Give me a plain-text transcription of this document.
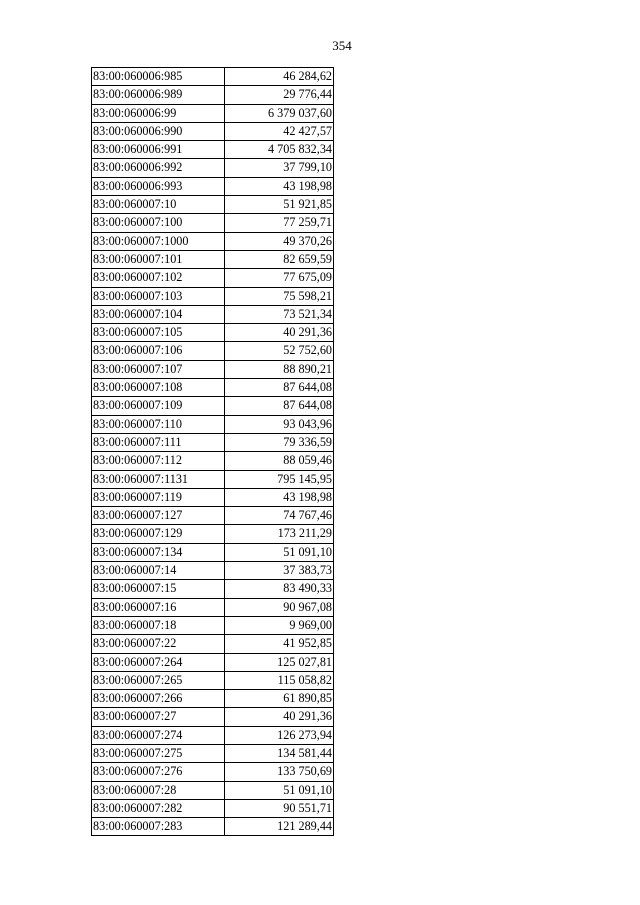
354
83:00:060006:985	46 284,62
83:00:060006:989	29 776,44
83:00:060006:99	6 379 037,60
83:00:060006:990	42 427,57
83:00:060006:991	4 705 832,34
83:00:060006:992	37 799,10
83:00:060006:993	43 198,98
83:00:060007:10	51 921,85
83:00:060007:100	77 259,71
83:00:060007:1000	49 370,26
83:00:060007:101	82 659,59
83:00:060007:102	77 675,09
83:00:060007:103	75 598,21
83:00:060007:104	73 521,34
83:00:060007:105	40 291,36
83:00:060007:106	52 752,60
83:00:060007:107	88 890,21
83:00:060007:108	87 644,08
83:00:060007:109	87 644,08
83:00:060007:110	93 043,96
83:00:060007:111	79 336,59
83:00:060007:112	88 059,46
83:00:060007:1131	795 145,95
83:00:060007:119	43 198,98
83:00:060007:127	74 767,46
83:00:060007:129	173 211,29
83:00:060007:134	51 091,10
83:00:060007:14	37 383,73
83:00:060007:15	83 490,33
83:00:060007:16	90 967,08
83:00:060007:18	9 969,00
83:00:060007:22	41 952,85
83:00:060007:264	125 027,81
83:00:060007:265	115 058,82
83:00:060007:266	61 890,85
83:00:060007:27	40 291,36
83:00:060007:274	126 273,94
83:00:060007:275	134 581,44
83:00:060007:276	133 750,69
83:00:060007:28	51 091,10
83:00:060007:282	90 551,71
83:00:060007:283	121 289,44
